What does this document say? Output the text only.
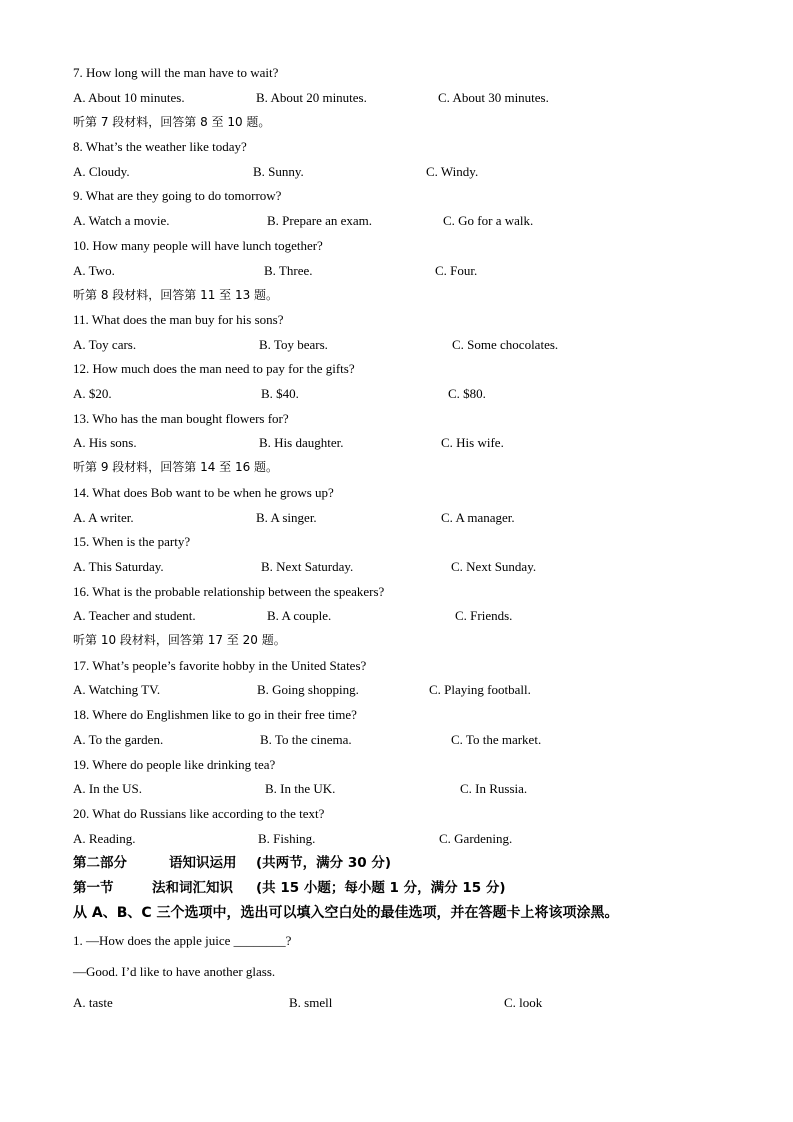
7. How long will the man have to wait?
A. About 10 minutes.	B. About 20 minutes.	C. About 30 minutes.
听第 7 段材料，回答第 8 至 10 题。
8. What’s the weather like today?
A. Cloudy.	B. Sunny.	C. Windy.
9. What are they going to do tomorrow?
A. Watch a movie.	B. Prepare an exam.	C. Go for a walk.
10. How many people will have lunch together?
A. Two.	B. Three.	C. Four.
听第 8 段材料，回答第 11 至 13 题。
11. What does the man buy for his sons?
A. Toy cars.	B. Toy bears.	C. Some chocolates.
12. How much does the man need to pay for the gifts?
A. $20.	B. $40.	C. $80.
13. Who has the man bought flowers for?
A. His sons.	B. His daughter.	C. His wife.
听第 9 段材料，回答第 14 至 16 题。
14. What does Bob want to be when he grows up?
A. A writer.	B. A singer.	C. A manager.
15. When is the party?
A. This Saturday.	B. Next Saturday.	C. Next Sunday.
16. What is the probable relationship between the speakers?
A. Teacher and student.	B. A couple.	C. Friends.
听第 10 段材料，回答第 17 至 20 题。
17. What’s people’s favorite hobby in the United States?
A. Watching TV.	B. Going shopping.	C. Playing football.
18. Where do Englishmen like to go in their free time?
A. To the garden.	B. To the cinema.	C. To the market.
19. Where do people like drinking tea?
A. In the US.	B. In the UK.	C. In Russia.
20. What do Russians like according to the text?
A. Reading.	B. Fishing.	C. Gardening.
第二部分	语知识运用 (共两节，满分 30 分)
第一节	法和词汇知识 (共 15 小题；每小题 1 分，满分 15 分)
从 A、B、C 三个选项中，选出可以填入空白处的最佳选项，并在答题卡上将该项涂黑。
1. —How does the apple juice ________?
—Good. I’d like to have another glass.
A. taste	B. smell	C. look
